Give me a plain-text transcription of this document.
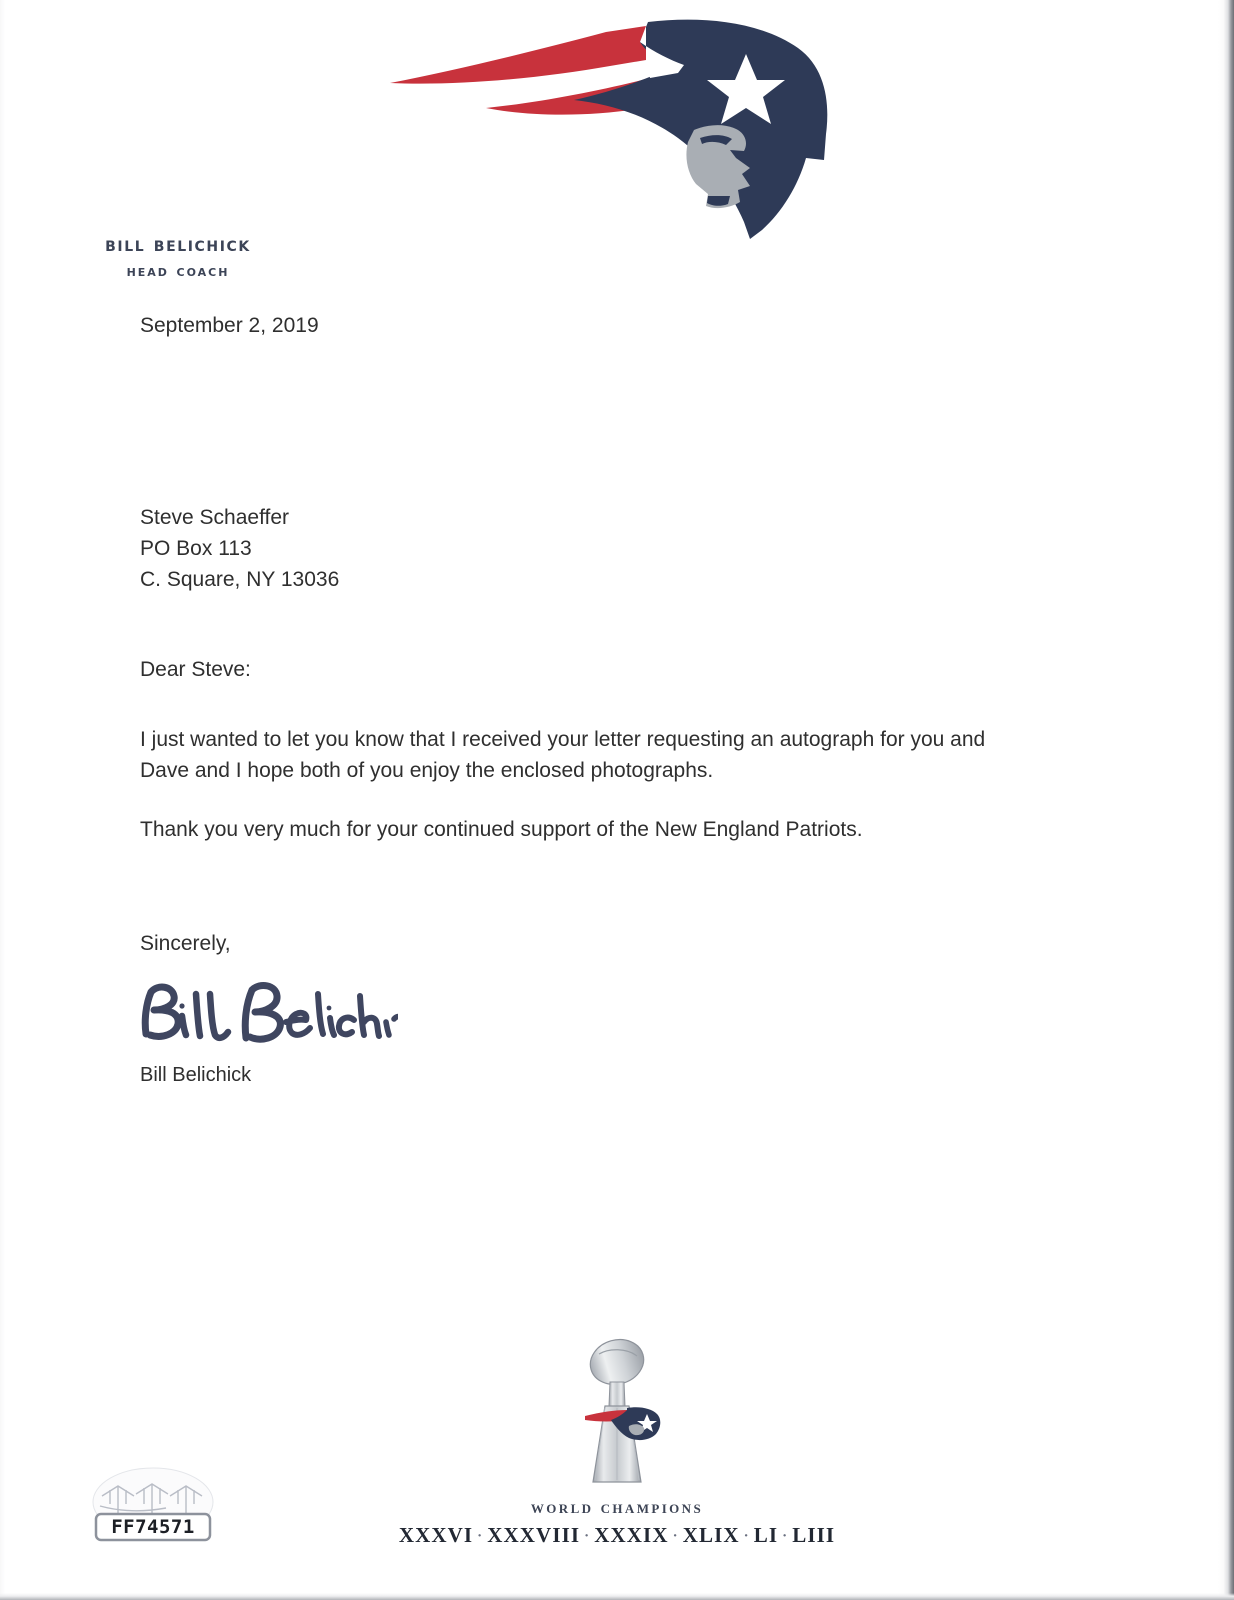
bill belichick
head coach
September 2, 2019
Steve Schaeffer
PO Box 113
C. Square, NY 13036
Dear Steve:
I just wanted to let you know that I received your letter requesting an autograph for you and Dave and I hope both of you enjoy the enclosed photographs.
Thank you very much for your continued support of the New England Patriots.
Sincerely,
Bill Belichick
FF74571
world champions
XXXVI · XXXVIII · XXXIX · XLIX · LI · LIII
